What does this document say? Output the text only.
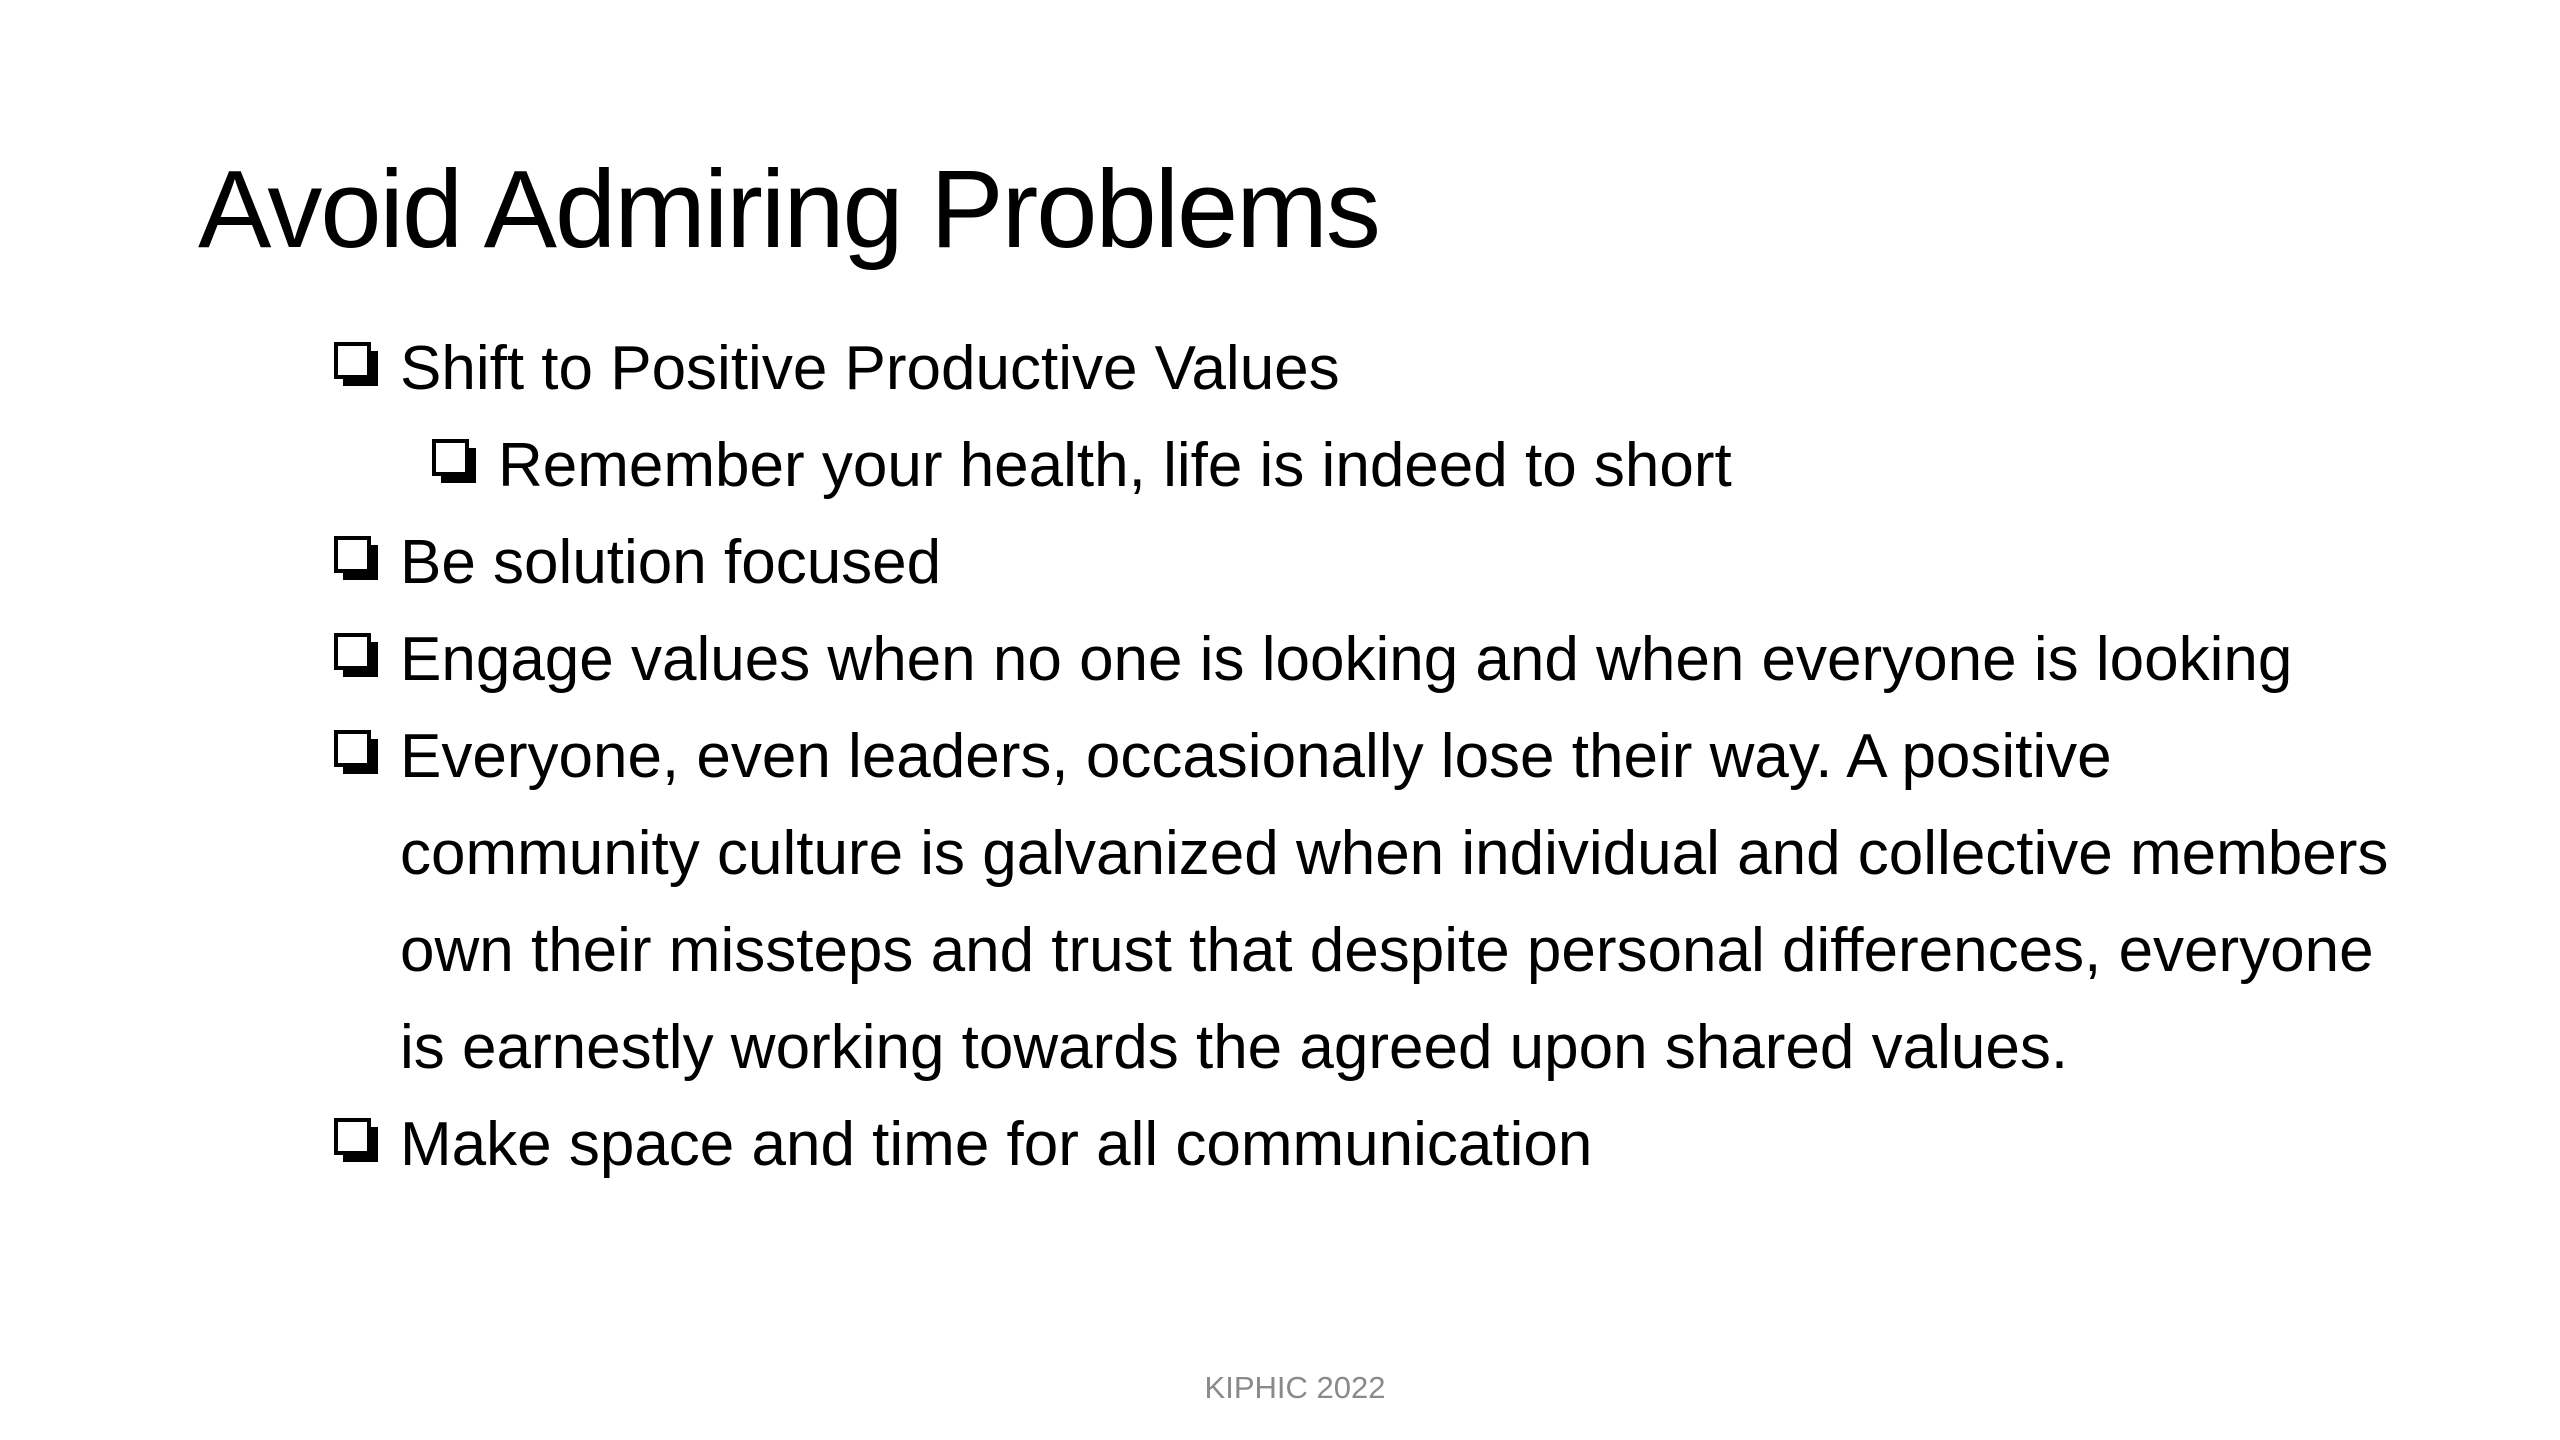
Avoid Admiring Problems
Shift to Positive Productive Values
Remember your health, life is indeed to short
Be solution focused
Engage values when no one is looking and when everyone is looking
Everyone, even leaders, occasionally lose their way. A positive community culture is galvanized when individual and collective members own their missteps and trust that despite personal differences, everyone is earnestly working towards the agreed upon shared values.
Make space and time for all communication
KIPHIC 2022
